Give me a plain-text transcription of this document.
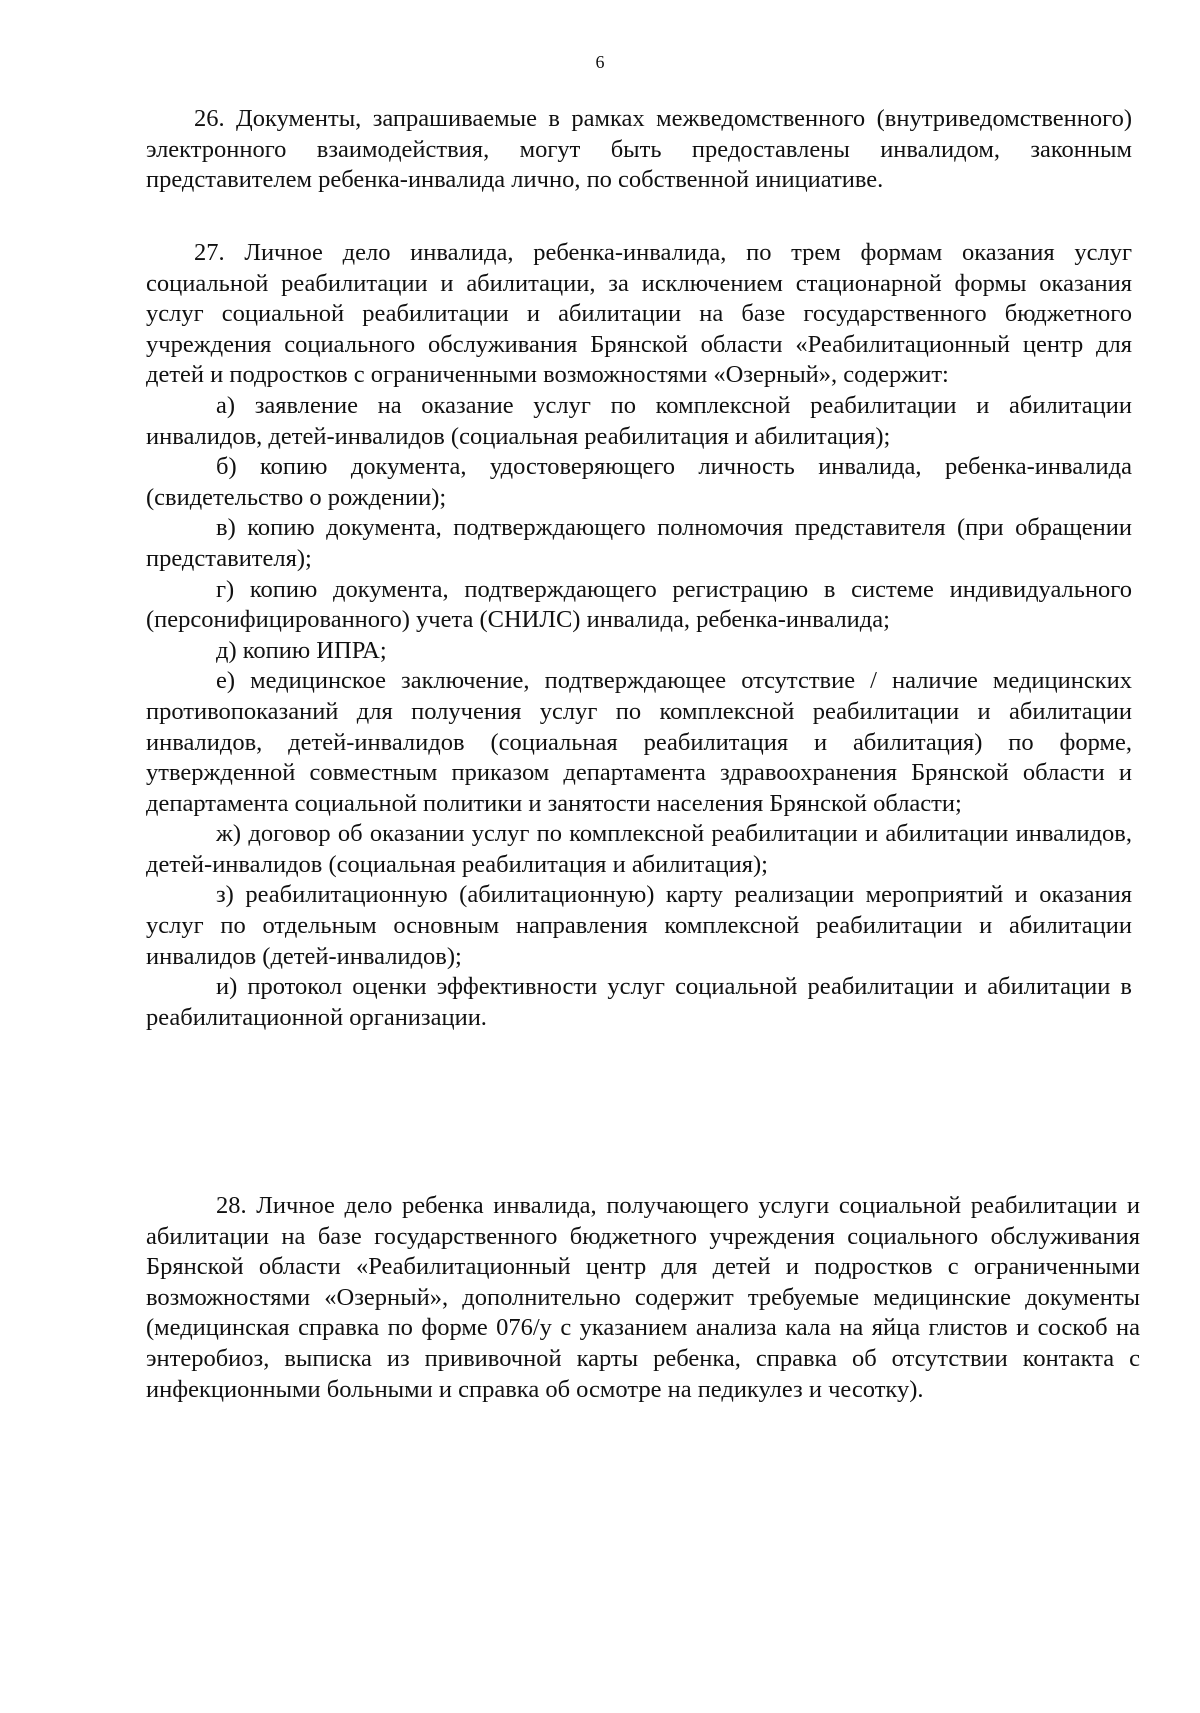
6

26. Документы, запрашиваемые в рамках межведомственного (внутриведомственного) электронного взаимодействия, могут быть предоставлены инвалидом, законным представителем ребенка-инвалида лично, по собственной инициативе.

27. Личное дело инвалида, ребенка-инвалида, по трем формам оказания услуг социальной реабилитации и абилитации, за исключением стационарной формы оказания услуг социальной реабилитации и абилитации на базе государственного бюджетного учреждения социального обслуживания Брянской области «Реабилитационный центр для детей и подростков с ограниченными возможностями «Озерный», содержит:

а) заявление на оказание услуг по комплексной реабилитации и абилитации инвалидов, детей-инвалидов (социальная реабилитация и абилитация);

б) копию документа, удостоверяющего личность инвалида, ребенка-инвалида (свидетельство о рождении);

в) копию документа, подтверждающего полномочия представителя (при обращении представителя);

г) копию документа, подтверждающего регистрацию в системе индивидуального (персонифицированного) учета (СНИЛС) инвалида, ребенка-инвалида;

д) копию ИПРА;

е) медицинское заключение, подтверждающее отсутствие / наличие медицинских противопоказаний для получения услуг по комплексной реабилитации и абилитации инвалидов, детей-инвалидов (социальная реабилитация и абилитация) по форме, утвержденной совместным приказом департамента здравоохранения Брянской области и департамента социальной политики и занятости населения Брянской области;

ж) договор об оказании услуг по комплексной реабилитации и абилитации инвалидов, детей-инвалидов (социальная реабилитация и абилитация);

з) реабилитационную (абилитационную) карту реализации мероприятий и оказания услуг по отдельным основным направления комплексной реабилитации и абилитации инвалидов (детей-инвалидов);

и) протокол оценки эффективности услуг социальной реабилитации и абилитации в реабилитационной организации.

28. Личное дело ребенка инвалида, получающего услуги социальной реабилитации и абилитации на базе государственного бюджетного учреждения социального обслуживания Брянской области «Реабилитационный центр для детей и подростков с ограниченными возможностями «Озерный», дополнительно содержит требуемые медицинские документы (медицинская справка по форме 076/у с указанием анализа кала на яйца глистов и соскоб на энтеробиоз, выписка из прививочной карты ребенка, справка об отсутствии контакта с инфекционными больными и справка об осмотре на педикулез и чесотку).
